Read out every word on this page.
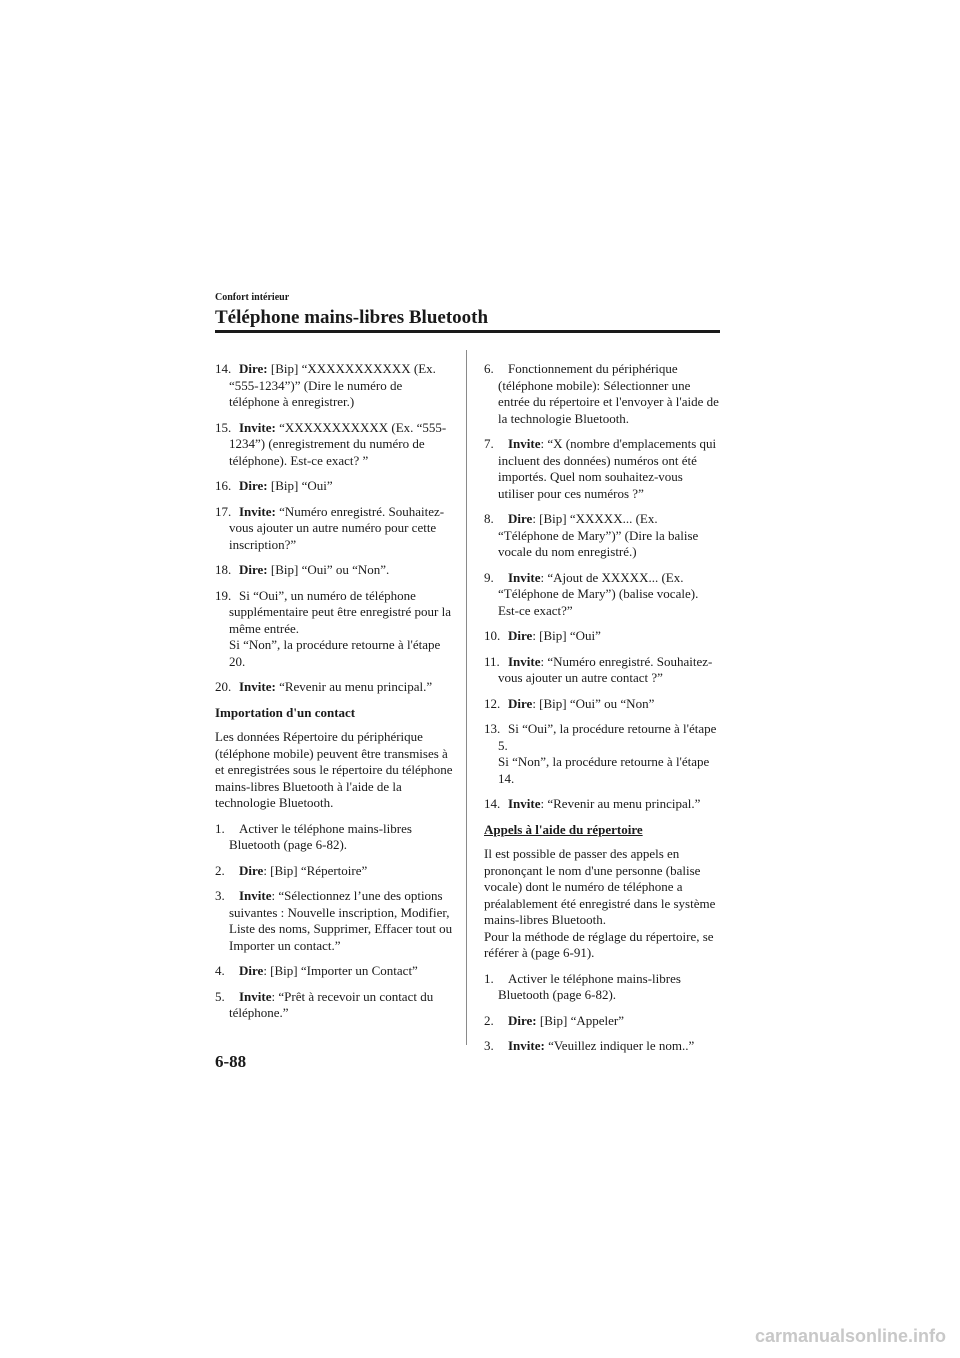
Confort intérieur
Téléphone mains-libres Bluetooth
14. Dire: [Bip] “XXXXXXXXXXX (Ex. “555-1234”)” (Dire le numéro de téléphone à enregistrer.)
15. Invite: “XXXXXXXXXXX (Ex. “555-1234”) (enregistrement du numéro de téléphone). Est-ce exact? ”
16. Dire: [Bip] “Oui”
17. Invite: “Numéro enregistré. Souhaitez-vous ajouter un autre numéro pour cette inscription?”
18. Dire: [Bip] “Oui” ou “Non”.
19. Si “Oui”, un numéro de téléphone supplémentaire peut être enregistré pour la même entrée.
Si “Non”, la procédure retourne à l'étape 20.
20. Invite: “Revenir au menu principal.”
Importation d'un contact
Les données Répertoire du périphérique (téléphone mobile) peuvent être transmises à et enregistrées sous le répertoire du téléphone mains-libres Bluetooth à l'aide de la technologie Bluetooth.
1. Activer le téléphone mains-libres Bluetooth (page 6-82).
2. Dire: [Bip] “Répertoire”
3. Invite: “Sélectionnez l’une des options suivantes : Nouvelle inscription, Modifier, Liste des noms, Supprimer, Effacer tout ou Importer un contact.”
4. Dire: [Bip] “Importer un Contact”
5. Invite: “Prêt à recevoir un contact du téléphone.”
6. Fonctionnement du périphérique (téléphone mobile): Sélectionner une entrée du répertoire et l'envoyer à l'aide de la technologie Bluetooth.
7. Invite: “X (nombre d'emplacements qui incluent des données) numéros ont été importés. Quel nom souhaitez-vous utiliser pour ces numéros ?”
8. Dire: [Bip] “XXXXX... (Ex. “Téléphone de Mary”)” (Dire la balise vocale du nom enregistré.)
9. Invite: “Ajout de XXXXX... (Ex. “Téléphone de Mary”) (balise vocale). Est-ce exact?”
10. Dire: [Bip] “Oui”
11. Invite: “Numéro enregistré. Souhaitez-vous ajouter un autre contact ?”
12. Dire: [Bip] “Oui” ou “Non”
13. Si “Oui”, la procédure retourne à l'étape 5.
Si “Non”, la procédure retourne à l'étape 14.
14. Invite: “Revenir au menu principal.”
Appels à l'aide du répertoire
Il est possible de passer des appels en prononçant le nom d'une personne (balise vocale) dont le numéro de téléphone a préalablement été enregistré dans le système mains-libres Bluetooth.
Pour la méthode de réglage du répertoire, se référer à (page 6-91).
1. Activer le téléphone mains-libres Bluetooth (page 6-82).
2. Dire: [Bip] “Appeler”
3. Invite: “Veuillez indiquer le nom..”
6-88
carmanualsonline.info
